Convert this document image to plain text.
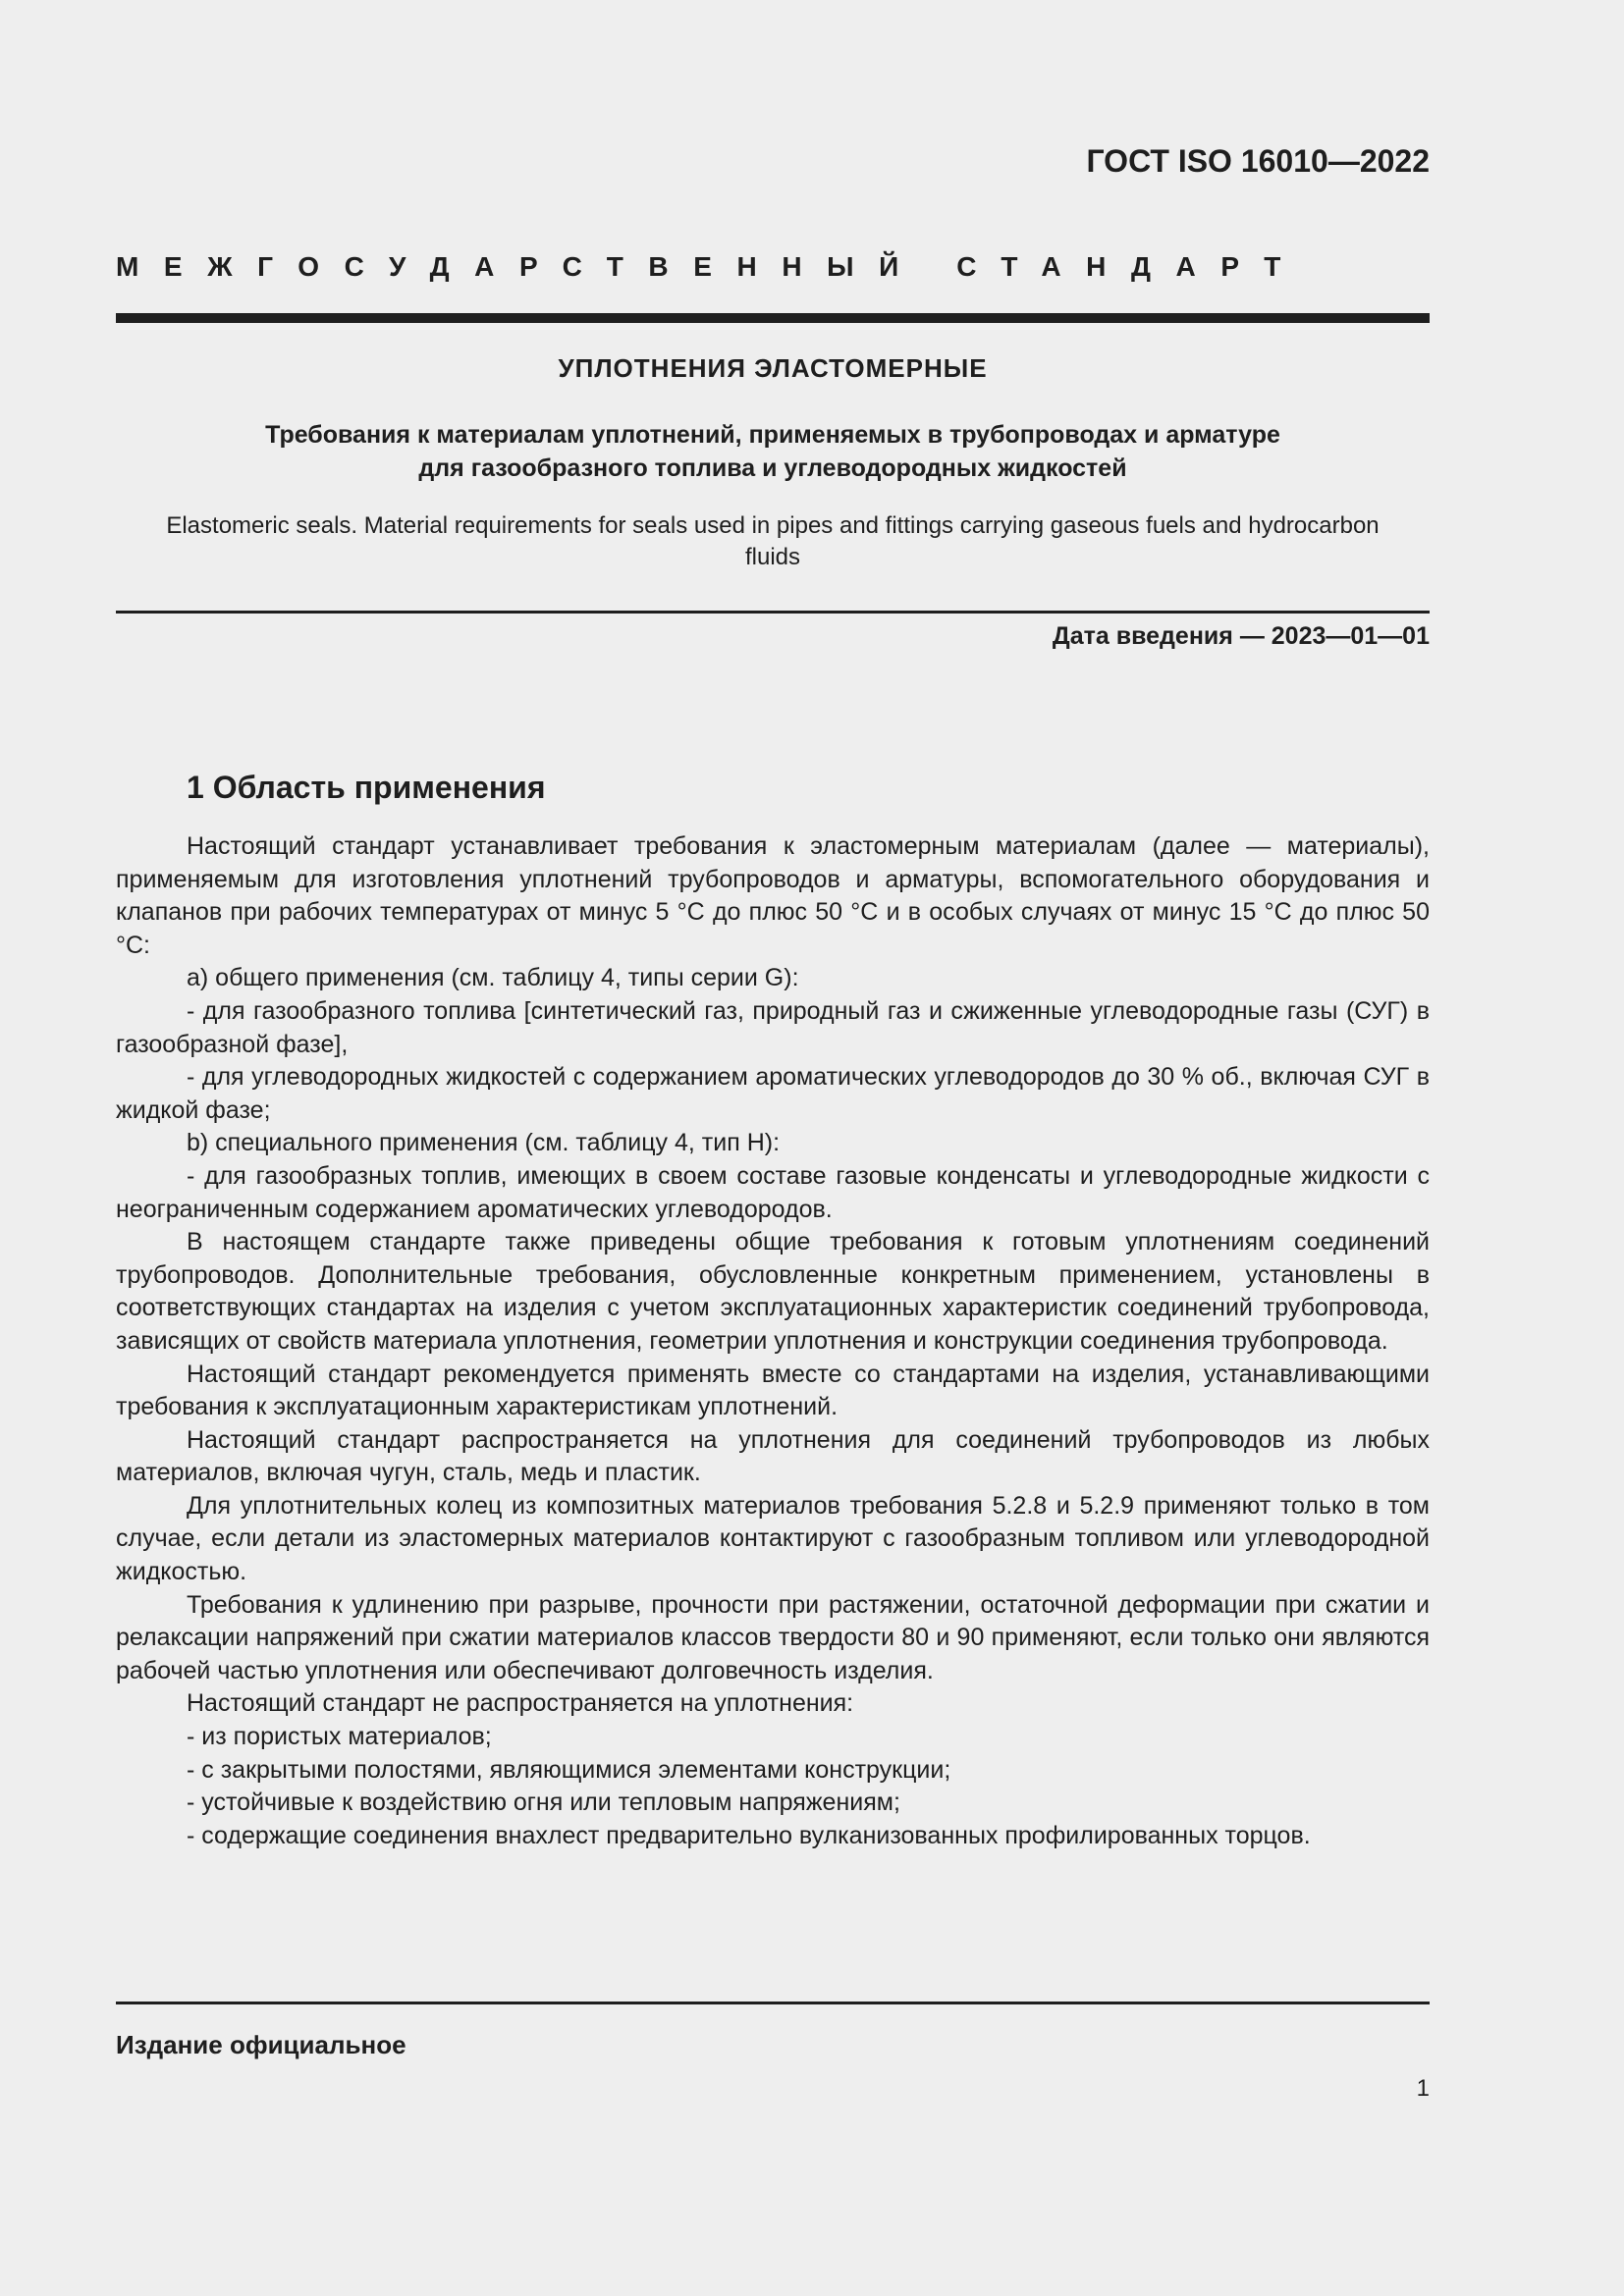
ГОСТ ISO 16010—2022
МЕЖГОСУДАРСТВЕННЫЙ СТАНДАРТ
УПЛОТНЕНИЯ ЭЛАСТОМЕРНЫЕ
Требования к материалам уплотнений, применяемых в трубопроводах и арматуре
для газообразного топлива и углеводородных жидкостей
Elastomeric seals. Material requirements for seals used in pipes and fittings carrying gaseous fuels and hydrocarbon
fluids
Дата введения — 2023—01—01
1 Область применения

Настоящий стандарт устанавливает требования к эластомерным материалам (далее — материалы), применяемым для изготовления уплотнений трубопроводов и арматуры, вспомогательного оборудования и клапанов при рабочих температурах от минус 5 °С до плюс 50 °С и в особых случаях от минус 15 °С до плюс 50 °С:

a) общего применения (см. таблицу 4, типы серии G):

- для газообразного топлива [синтетический газ, природный газ и сжиженные углеводородные газы (СУГ) в газообразной фазе],

- для углеводородных жидкостей с содержанием ароматических углеводородов до 30 % об., включая СУГ в жидкой фазе;

b) специального применения (см. таблицу 4, тип Н):

- для газообразных топлив, имеющих в своем составе газовые конденсаты и углеводородные жидкости с неограниченным содержанием ароматических углеводородов.

В настоящем стандарте также приведены общие требования к готовым уплотнениям соединений трубопроводов. Дополнительные требования, обусловленные конкретным применением, установлены в соответствующих стандартах на изделия с учетом эксплуатационных характеристик соединений трубопровода, зависящих от свойств материала уплотнения, геометрии уплотнения и конструкции соединения трубопровода.

Настоящий стандарт рекомендуется применять вместе со стандартами на изделия, устанавливающими требования к эксплуатационным характеристикам уплотнений.

Настоящий стандарт распространяется на уплотнения для соединений трубопроводов из любых материалов, включая чугун, сталь, медь и пластик.

Для уплотнительных колец из композитных материалов требования 5.2.8 и 5.2.9 применяют только в том случае, если детали из эластомерных материалов контактируют с газообразным топливом или углеводородной жидкостью.

Требования к удлинению при разрыве, прочности при растяжении, остаточной деформации при сжатии и релаксации напряжений при сжатии материалов классов твердости 80 и 90 применяют, если только они являются рабочей частью уплотнения или обеспечивают долговечность изделия.

Настоящий стандарт не распространяется на уплотнения:

- из пористых материалов;

- с закрытыми полостями, являющимися элементами конструкции;

- устойчивые к воздействию огня или тепловым напряжениям;

- содержащие соединения внахлест предварительно вулканизованных профилированных торцов.

Издание официальное
1
